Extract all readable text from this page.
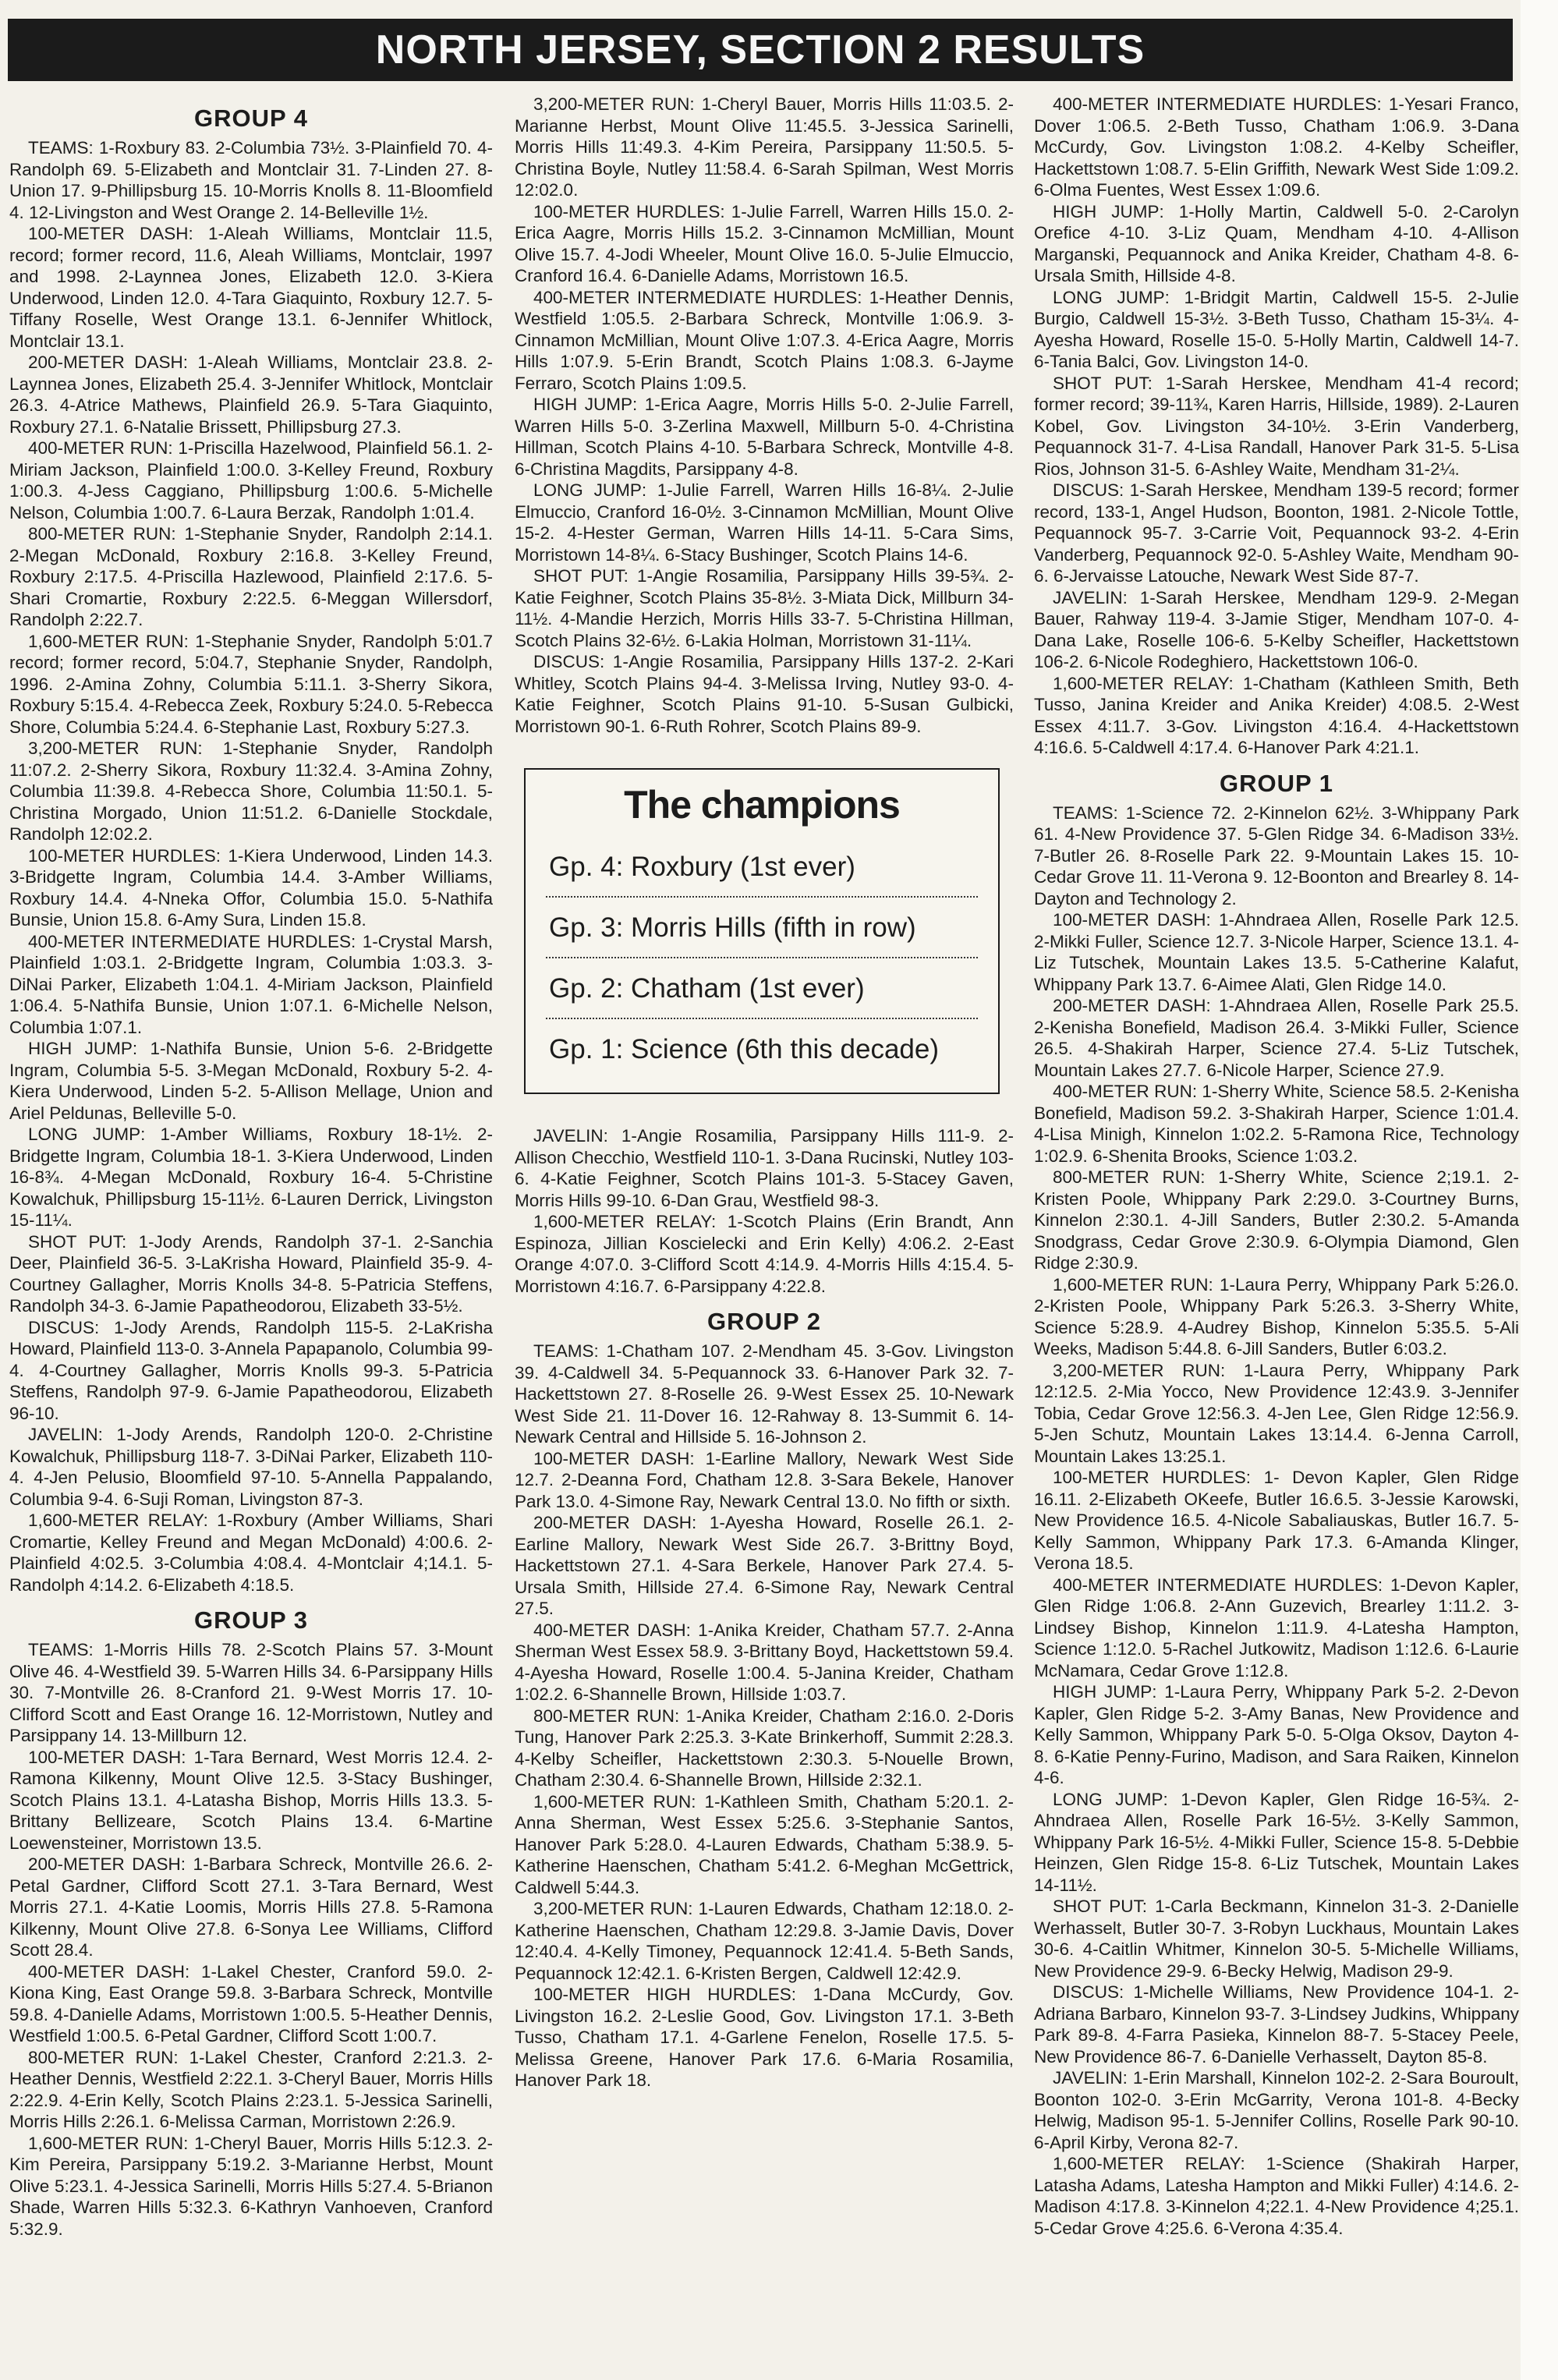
NORTH JERSEY, SECTION 2 RESULTS
GROUP 4

TEAMS: 1-Roxbury 83. 2-Columbia 73½. 3-Plainfield 70. 4-Randolph 69. 5-Elizabeth and Montclair 31. 7-Linden 27. 8-Union 17. 9-Phillipsburg 15. 10-Morris Knolls 8. 11-Bloomfield 4. 12-Livingston and West Orange 2. 14-Belleville 1½.

100-METER DASH: 1-Aleah Williams, Montclair 11.5, record; former record, 11.6, Aleah Williams, Montclair, 1997 and 1998. 2-Laynnea Jones, Elizabeth 12.0. 3-Kiera Underwood, Linden 12.0. 4-Tara Giaquinto, Roxbury 12.7. 5-Tiffany Roselle, West Orange 13.1. 6-Jennifer Whitlock, Montclair 13.1.

200-METER DASH: 1-Aleah Williams, Montclair 23.8. 2-Laynnea Jones, Elizabeth 25.4. 3-Jennifer Whitlock, Montclair 26.3. 4-Atrice Mathews, Plainfield 26.9. 5-Tara Giaquinto, Roxbury 27.1. 6-Natalie Brissett, Phillipsburg 27.3.

400-METER RUN: 1-Priscilla Hazelwood, Plainfield 56.1. 2-Miriam Jackson, Plainfield 1:00.0. 3-Kelley Freund, Roxbury 1:00.3. 4-Jess Caggiano, Phillipsburg 1:00.6. 5-Michelle Nelson, Columbia 1:00.7. 6-Laura Berzak, Randolph 1:01.4.

800-METER RUN: 1-Stephanie Snyder, Randolph 2:14.1. 2-Megan McDonald, Roxbury 2:16.8. 3-Kelley Freund, Roxbury 2:17.5. 4-Priscilla Hazlewood, Plainfield 2:17.6. 5-Shari Cromartie, Roxbury 2:22.5. 6-Meggan Willersdorf, Randolph 2:22.7.

1,600-METER RUN: 1-Stephanie Snyder, Randolph 5:01.7 record; former record, 5:04.7, Stephanie Snyder, Randolph, 1996. 2-Amina Zohny, Columbia 5:11.1. 3-Sherry Sikora, Roxbury 5:15.4. 4-Rebecca Zeek, Roxbury 5:24.0. 5-Rebecca Shore, Columbia 5:24.4. 6-Stephanie Last, Roxbury 5:27.3.

3,200-METER RUN: 1-Stephanie Snyder, Randolph 11:07.2. 2-Sherry Sikora, Roxbury 11:32.4. 3-Amina Zohny, Columbia 11:39.8. 4-Rebecca Shore, Columbia 11:50.1. 5-Christina Morgado, Union 11:51.2. 6-Danielle Stockdale, Randolph 12:02.2.

100-METER HURDLES: 1-Kiera Underwood, Linden 14.3. 3-Bridgette Ingram, Columbia 14.4. 3-Amber Williams, Roxbury 14.4. 4-Nneka Offor, Columbia 15.0. 5-Nathifa Bunsie, Union 15.8. 6-Amy Sura, Linden 15.8.

400-METER INTERMEDIATE HURDLES: 1-Crystal Marsh, Plainfield 1:03.1. 2-Bridgette Ingram, Columbia 1:03.3. 3-DiNai Parker, Elizabeth 1:04.1. 4-Miriam Jackson, Plainfield 1:06.4. 5-Nathifa Bunsie, Union 1:07.1. 6-Michelle Nelson, Columbia 1:07.1.

HIGH JUMP: 1-Nathifa Bunsie, Union 5-6. 2-Bridgette Ingram, Columbia 5-5. 3-Megan McDonald, Roxbury 5-2. 4-Kiera Underwood, Linden 5-2. 5-Allison Mellage, Union and Ariel Peldunas, Belleville 5-0.

LONG JUMP: 1-Amber Williams, Roxbury 18-1½. 2-Bridgette Ingram, Columbia 18-1. 3-Kiera Underwood, Linden 16-8¾. 4-Megan McDonald, Roxbury 16-4. 5-Christine Kowalchuk, Phillipsburg 15-11½. 6-Lauren Derrick, Livingston 15-11¼.

SHOT PUT: 1-Jody Arends, Randolph 37-1. 2-Sanchia Deer, Plainfield 36-5. 3-LaKrisha Howard, Plainfield 35-9. 4-Courtney Gallagher, Morris Knolls 34-8. 5-Patricia Steffens, Randolph 34-3. 6-Jamie Papatheodorou, Elizabeth 33-5½.

DISCUS: 1-Jody Arends, Randolph 115-5. 2-LaKrisha Howard, Plainfield 113-0. 3-Annela Papapanolo, Columbia 99-4. 4-Courtney Gallagher, Morris Knolls 99-3. 5-Patricia Steffens, Randolph 97-9. 6-Jamie Papatheodorou, Elizabeth 96-10.

JAVELIN: 1-Jody Arends, Randolph 120-0. 2-Christine Kowalchuk, Phillipsburg 118-7. 3-DiNai Parker, Elizabeth 110-4. 4-Jen Pelusio, Bloomfield 97-10. 5-Annella Pappalando, Columbia 9-4. 6-Suji Roman, Livingston 87-3.

1,600-METER RELAY: 1-Roxbury (Amber Williams, Shari Cromartie, Kelley Freund and Megan McDonald) 4:00.6. 2-Plainfield 4:02.5. 3-Columbia 4:08.4. 4-Montclair 4;14.1. 5-Randolph 4:14.2. 6-Elizabeth 4:18.5.

GROUP 3

TEAMS: 1-Morris Hills 78. 2-Scotch Plains 57. 3-Mount Olive 46. 4-Westfield 39. 5-Warren Hills 34. 6-Parsippany Hills 30. 7-Montville 26. 8-Cranford 21. 9-West Morris 17. 10-Clifford Scott and East Orange 16. 12-Morristown, Nutley and Parsippany 14. 13-Millburn 12.

100-METER DASH: 1-Tara Bernard, West Morris 12.4. 2-Ramona Kilkenny, Mount Olive 12.5. 3-Stacy Bushinger, Scotch Plains 13.1. 4-Latasha Bishop, Morris Hills 13.3. 5-Brittany Bellizeare, Scotch Plains 13.4. 6-Martine Loewensteiner, Morristown 13.5.

200-METER DASH: 1-Barbara Schreck, Montville 26.6. 2-Petal Gardner, Clifford Scott 27.1. 3-Tara Bernard, West Morris 27.1. 4-Katie Loomis, Morris Hills 27.8. 5-Ramona Kilkenny, Mount Olive 27.8. 6-Sonya Lee Williams, Clifford Scott 28.4.

400-METER DASH: 1-Lakel Chester, Cranford 59.0. 2-Kiona King, East Orange 59.8. 3-Barbara Schreck, Montville 59.8. 4-Danielle Adams, Morristown 1:00.5. 5-Heather Dennis, Westfield 1:00.5. 6-Petal Gardner, Clifford Scott 1:00.7.

800-METER RUN: 1-Lakel Chester, Cranford 2:21.3. 2-Heather Dennis, Westfield 2:22.1. 3-Cheryl Bauer, Morris Hills 2:22.9. 4-Erin Kelly, Scotch Plains 2:23.1. 5-Jessica Sarinelli, Morris Hills 2:26.1. 6-Melissa Carman, Morristown 2:26.9.

1,600-METER RUN: 1-Cheryl Bauer, Morris Hills 5:12.3. 2-Kim Pereira, Parsippany 5:19.2. 3-Marianne Herbst, Mount Olive 5:23.1. 4-Jessica Sarinelli, Morris Hills 5:27.4. 5-Brianon Shade, Warren Hills 5:32.3. 6-Kathryn Vanhoeven, Cranford 5:32.9.

3,200-METER RUN: 1-Cheryl Bauer, Morris Hills 11:03.5. 2-Marianne Herbst, Mount Olive 11:45.5. 3-Jessica Sarinelli, Morris Hills 11:49.3. 4-Kim Pereira, Parsippany 11:50.5. 5-Christina Boyle, Nutley 11:58.4. 6-Sarah Spilman, West Morris 12:02.0.

100-METER HURDLES: 1-Julie Farrell, Warren Hills 15.0. 2-Erica Aagre, Morris Hills 15.2. 3-Cinnamon McMillian, Mount Olive 15.7. 4-Jodi Wheeler, Mount Olive 16.0. 5-Julie Elmuccio, Cranford 16.4. 6-Danielle Adams, Morristown 16.5.

400-METER INTERMEDIATE HURDLES: 1-Heather Dennis, Westfield 1:05.5. 2-Barbara Schreck, Montville 1:06.9. 3-Cinnamon McMillian, Mount Olive 1:07.3. 4-Erica Aagre, Morris Hills 1:07.9. 5-Erin Brandt, Scotch Plains 1:08.3. 6-Jayme Ferraro, Scotch Plains 1:09.5.

HIGH JUMP: 1-Erica Aagre, Morris Hills 5-0. 2-Julie Farrell, Warren Hills 5-0. 3-Zerlina Maxwell, Millburn 5-0. 4-Christina Hillman, Scotch Plains 4-10. 5-Barbara Schreck, Montville 4-8. 6-Christina Magdits, Parsippany 4-8.

LONG JUMP: 1-Julie Farrell, Warren Hills 16-8¼. 2-Julie Elmuccio, Cranford 16-0½. 3-Cinnamon McMillian, Mount Olive 15-2. 4-Hester German, Warren Hills 14-11. 5-Cara Sims, Morristown 14-8¼. 6-Stacy Bushinger, Scotch Plains 14-6.

SHOT PUT: 1-Angie Rosamilia, Parsippany Hills 39-5¾. 2-Katie Feighner, Scotch Plains 35-8½. 3-Miata Dick, Millburn 34-11½. 4-Mandie Herzich, Morris Hills 33-7. 5-Christina Hillman, Scotch Plains 32-6½. 6-Lakia Holman, Morristown 31-11¼.

DISCUS: 1-Angie Rosamilia, Parsippany Hills 137-2. 2-Kari Whitley, Scotch Plains 94-4. 3-Melissa Irving, Nutley 93-0. 4-Katie Feighner, Scotch Plains 91-10. 5-Susan Gulbicki, Morristown 90-1. 6-Ruth Rohrer, Scotch Plains 89-9.

The champions
Gp. 4: Roxbury (1st ever)
Gp. 3: Morris Hills (fifth in row)
Gp. 2: Chatham (1st ever)
Gp. 1: Science (6th this decade)

JAVELIN: 1-Angie Rosamilia, Parsippany Hills 111-9. 2-Allison Checchio, Westfield 110-1. 3-Dana Rucinski, Nutley 103-6. 4-Katie Feighner, Scotch Plains 101-3. 5-Stacey Gaven, Morris Hills 99-10. 6-Dan Grau, Westfield 98-3.

1,600-METER RELAY: 1-Scotch Plains (Erin Brandt, Ann Espinoza, Jillian Koscielecki and Erin Kelly) 4:06.2. 2-East Orange 4:07.0. 3-Clifford Scott 4:14.9. 4-Morris Hills 4:15.4. 5-Morristown 4:16.7. 6-Parsippany 4:22.8.

GROUP 2

TEAMS: 1-Chatham 107. 2-Mendham 45. 3-Gov. Livingston 39. 4-Caldwell 34. 5-Pequannock 33. 6-Hanover Park 32. 7-Hackettstown 27. 8-Roselle 26. 9-West Essex 25. 10-Newark West Side 21. 11-Dover 16. 12-Rahway 8. 13-Summit 6. 14-Newark Central and Hillside 5. 16-Johnson 2.

100-METER DASH: 1-Earline Mallory, Newark West Side 12.7. 2-Deanna Ford, Chatham 12.8. 3-Sara Bekele, Hanover Park 13.0. 4-Simone Ray, Newark Central 13.0. No fifth or sixth.

200-METER DASH: 1-Ayesha Howard, Roselle 26.1. 2-Earline Mallory, Newark West Side 26.7. 3-Brittny Boyd, Hackettstown 27.1. 4-Sara Berkele, Hanover Park 27.4. 5-Ursala Smith, Hillside 27.4. 6-Simone Ray, Newark Central 27.5.

400-METER DASH: 1-Anika Kreider, Chatham 57.7. 2-Anna Sherman West Essex 58.9. 3-Brittany Boyd, Hackettstown 59.4. 4-Ayesha Howard, Roselle 1:00.4. 5-Janina Kreider, Chatham 1:02.2. 6-Shannelle Brown, Hillside 1:03.7.

800-METER RUN: 1-Anika Kreider, Chatham 2:16.0. 2-Doris Tung, Hanover Park 2:25.3. 3-Kate Brinkerhoff, Summit 2:28.3. 4-Kelby Scheifler, Hackettstown 2:30.3. 5-Nouelle Brown, Chatham 2:30.4. 6-Shannelle Brown, Hillside 2:32.1.

1,600-METER RUN: 1-Kathleen Smith, Chatham 5:20.1. 2-Anna Sherman, West Essex 5:25.6. 3-Stephanie Santos, Hanover Park 5:28.0. 4-Lauren Edwards, Chatham 5:38.9. 5-Katherine Haenschen, Chatham 5:41.2. 6-Meghan McGettrick, Caldwell 5:44.3.

3,200-METER RUN: 1-Lauren Edwards, Chatham 12:18.0. 2-Katherine Haenschen, Chatham 12:29.8. 3-Jamie Davis, Dover 12:40.4. 4-Kelly Timoney, Pequannock 12:41.4. 5-Beth Sands, Pequannock 12:42.1. 6-Kristen Bergen, Caldwell 12:42.9.

100-METER HIGH HURDLES: 1-Dana McCurdy, Gov. Livingston 16.2. 2-Leslie Good, Gov. Livingston 17.1. 3-Beth Tusso, Chatham 17.1. 4-Garlene Fenelon, Roselle 17.5. 5-Melissa Greene, Hanover Park 17.6. 6-Maria Rosamilia, Hanover Park 18.

400-METER INTERMEDIATE HURDLES: 1-Yesari Franco, Dover 1:06.5. 2-Beth Tusso, Chatham 1:06.9. 3-Dana McCurdy, Gov. Livingston 1:08.2. 4-Kelby Scheifler, Hackettstown 1:08.7. 5-Elin Griffith, Newark West Side 1:09.2. 6-Olma Fuentes, West Essex 1:09.6.

HIGH JUMP: 1-Holly Martin, Caldwell 5-0. 2-Carolyn Orefice 4-10. 3-Liz Quam, Mendham 4-10. 4-Allison Marganski, Pequannock and Anika Kreider, Chatham 4-8. 6-Ursala Smith, Hillside 4-8.

LONG JUMP: 1-Bridgit Martin, Caldwell 15-5. 2-Julie Burgio, Caldwell 15-3½. 3-Beth Tusso, Chatham 15-3¼. 4-Ayesha Howard, Roselle 15-0. 5-Holly Martin, Caldwell 14-7. 6-Tania Balci, Gov. Livingston 14-0.

SHOT PUT: 1-Sarah Herskee, Mendham 41-4 record; former record; 39-11¾, Karen Harris, Hillside, 1989). 2-Lauren Kobel, Gov. Livingston 34-10½. 3-Erin Vanderberg, Pequannock 31-7. 4-Lisa Randall, Hanover Park 31-5. 5-Lisa Rios, Johnson 31-5. 6-Ashley Waite, Mendham 31-2¼.

DISCUS: 1-Sarah Herskee, Mendham 139-5 record; former record, 133-1, Angel Hudson, Boonton, 1981. 2-Nicole Tottle, Pequannock 95-7. 3-Carrie Voit, Pequannock 93-2. 4-Erin Vanderberg, Pequannock 92-0. 5-Ashley Waite, Mendham 90-6. 6-Jervaisse Latouche, Newark West Side 87-7.

JAVELIN: 1-Sarah Herskee, Mendham 129-9. 2-Megan Bauer, Rahway 119-4. 3-Jamie Stiger, Mendham 107-0. 4-Dana Lake, Roselle 106-6. 5-Kelby Scheifler, Hackettstown 106-2. 6-Nicole Rodeghiero, Hackettstown 106-0.

1,600-METER RELAY: 1-Chatham (Kathleen Smith, Beth Tusso, Janina Kreider and Anika Kreider) 4:08.5. 2-West Essex 4:11.7. 3-Gov. Livingston 4:16.4. 4-Hackettstown 4:16.6. 5-Caldwell 4:17.4. 6-Hanover Park 4:21.1.

GROUP 1

TEAMS: 1-Science 72. 2-Kinnelon 62½. 3-Whippany Park 61. 4-New Providence 37. 5-Glen Ridge 34. 6-Madison 33½. 7-Butler 26. 8-Roselle Park 22. 9-Mountain Lakes 15. 10-Cedar Grove 11. 11-Verona 9. 12-Boonton and Brearley 8. 14-Dayton and Technology 2.

100-METER DASH: 1-Ahndraea Allen, Roselle Park 12.5. 2-Mikki Fuller, Science 12.7. 3-Nicole Harper, Science 13.1. 4-Liz Tutschek, Mountain Lakes 13.5. 5-Catherine Kalafut, Whippany Park 13.7. 6-Aimee Alati, Glen Ridge 14.0.

200-METER DASH: 1-Ahndraea Allen, Roselle Park 25.5. 2-Kenisha Bonefield, Madison 26.4. 3-Mikki Fuller, Science 26.5. 4-Shakirah Harper, Science 27.4. 5-Liz Tutschek, Mountain Lakes 27.7. 6-Nicole Harper, Science 27.9.

400-METER RUN: 1-Sherry White, Science 58.5. 2-Kenisha Bonefield, Madison 59.2. 3-Shakirah Harper, Science 1:01.4. 4-Lisa Minigh, Kinnelon 1:02.2. 5-Ramona Rice, Technology 1:02.9. 6-Shenita Brooks, Science 1:03.2.

800-METER RUN: 1-Sherry White, Science 2;19.1. 2-Kristen Poole, Whippany Park 2:29.0. 3-Courtney Burns, Kinnelon 2:30.1. 4-Jill Sanders, Butler 2:30.2. 5-Amanda Snodgrass, Cedar Grove 2:30.9. 6-Olympia Diamond, Glen Ridge 2:30.9.

1,600-METER RUN: 1-Laura Perry, Whippany Park 5:26.0. 2-Kristen Poole, Whippany Park 5:26.3. 3-Sherry White, Science 5:28.9. 4-Audrey Bishop, Kinnelon 5:35.5. 5-Ali Weeks, Madison 5:44.8. 6-Jill Sanders, Butler 6:03.2.

3,200-METER RUN: 1-Laura Perry, Whippany Park 12:12.5. 2-Mia Yocco, New Providence 12:43.9. 3-Jennifer Tobia, Cedar Grove 12:56.3. 4-Jen Lee, Glen Ridge 12:56.9. 5-Jen Schutz, Mountain Lakes 13:14.4. 6-Jenna Carroll, Mountain Lakes 13:25.1.

100-METER HURDLES: 1- Devon Kapler, Glen Ridge 16.11. 2-Elizabeth OKeefe, Butler 16.6.5. 3-Jessie Karowski, New Providence 16.5. 4-Nicole Sabaliauskas, Butler 16.7. 5-Kelly Sammon, Whippany Park 17.3. 6-Amanda Klinger, Verona 18.5.

400-METER INTERMEDIATE HURDLES: 1-Devon Kapler, Glen Ridge 1:06.8. 2-Ann Guzevich, Brearley 1:11.2. 3-Lindsey Bishop, Kinnelon 1:11.9. 4-Latesha Hampton, Science 1:12.0. 5-Rachel Jutkowitz, Madison 1:12.6. 6-Laurie McNamara, Cedar Grove 1:12.8.

HIGH JUMP: 1-Laura Perry, Whippany Park 5-2. 2-Devon Kapler, Glen Ridge 5-2. 3-Amy Banas, New Providence and Kelly Sammon, Whippany Park 5-0. 5-Olga Oksov, Dayton 4-8. 6-Katie Penny-Furino, Madison, and Sara Raiken, Kinnelon 4-6.

LONG JUMP: 1-Devon Kapler, Glen Ridge 16-5¾. 2-Ahndraea Allen, Roselle Park 16-5½. 3-Kelly Sammon, Whippany Park 16-5½. 4-Mikki Fuller, Science 15-8. 5-Debbie Heinzen, Glen Ridge 15-8. 6-Liz Tutschek, Mountain Lakes 14-11½.

SHOT PUT: 1-Carla Beckmann, Kinnelon 31-3. 2-Danielle Werhasselt, Butler 30-7. 3-Robyn Luckhaus, Mountain Lakes 30-6. 4-Caitlin Whitmer, Kinnelon 30-5. 5-Michelle Williams, New Providence 29-9. 6-Becky Helwig, Madison 29-9.

DISCUS: 1-Michelle Williams, New Providence 104-1. 2-Adriana Barbaro, Kinnelon 93-7. 3-Lindsey Judkins, Whippany Park 89-8. 4-Farra Pasieka, Kinnelon 88-7. 5-Stacey Peele, New Providence 86-7. 6-Danielle Verhasselt, Dayton 85-8.

JAVELIN: 1-Erin Marshall, Kinnelon 102-2. 2-Sara Bouroult, Boonton 102-0. 3-Erin McGarrity, Verona 101-8. 4-Becky Helwig, Madison 95-1. 5-Jennifer Collins, Roselle Park 90-10. 6-April Kirby, Verona 82-7.

1,600-METER RELAY: 1-Science (Shakirah Harper, Latasha Adams, Latesha Hampton and Mikki Fuller) 4:14.6. 2-Madison 4:17.8. 3-Kinnelon 4;22.1. 4-New Providence 4;25.1. 5-Cedar Grove 4:25.6. 6-Verona 4:35.4.
